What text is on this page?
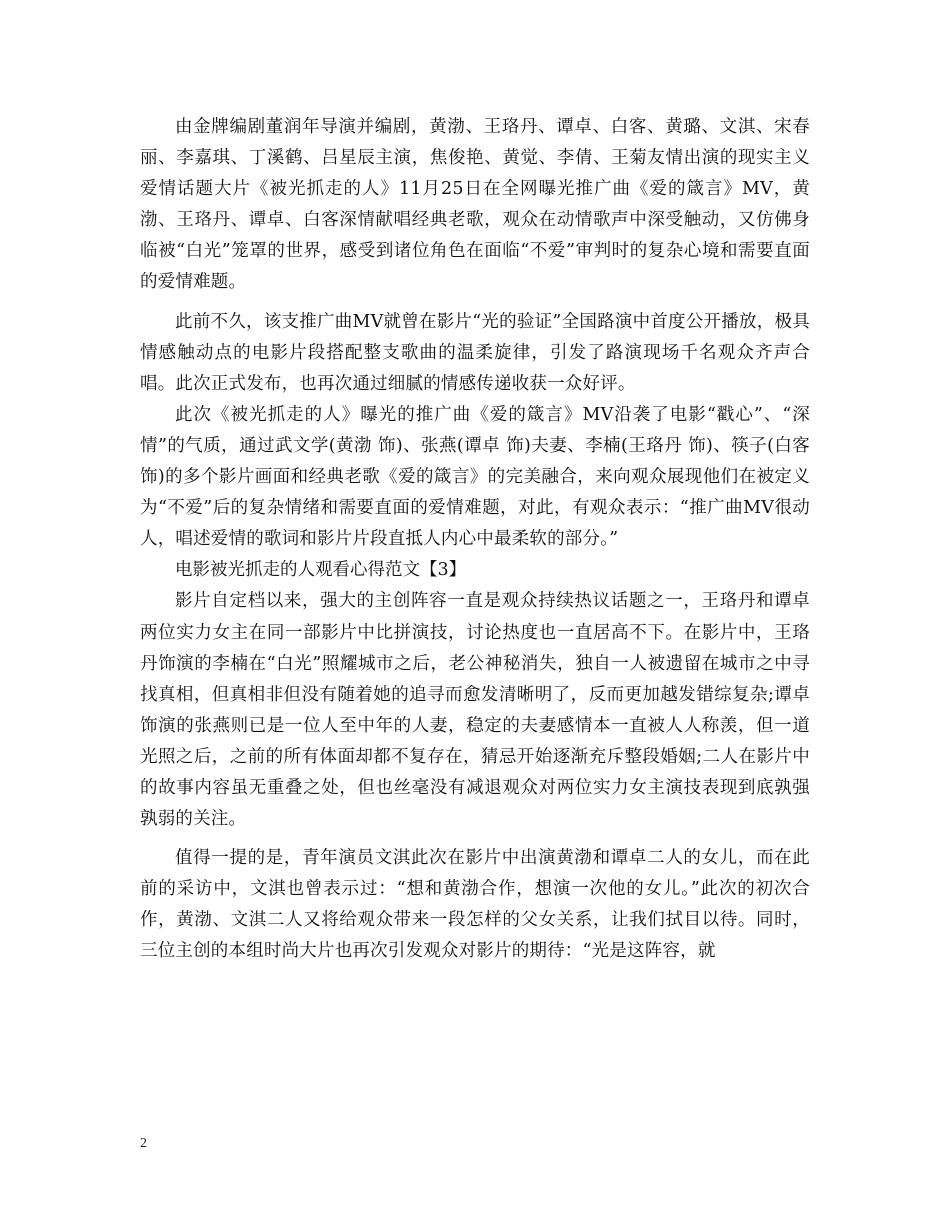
由金牌编剧董润年导演并编剧，黄渤、王珞丹、谭卓、白客、黄璐、文淇、宋春丽、李嘉琪、丁溪鹤、吕星辰主演，焦俊艳、黄觉、李倩、王菊友情出演的现实主义爱情话题大片《被光抓走的人》11月25日在全网曝光推广曲《爱的箴言》MV，黄渤、王珞丹、谭卓、白客深情献唱经典老歌，观众在动情歌声中深受触动，又仿佛身临被“白光”笼罩的世界，感受到诸位角色在面临“不爱”审判时的复杂心境和需要直面的爱情难题。

此前不久，该支推广曲MV就曾在影片“光的验证”全国路演中首度公开播放，极具情感触动点的电影片段搭配整支歌曲的温柔旋律，引发了路演现场千名观众齐声合唱。此次正式发布，也再次通过细腻的情感传递收获一众好评。

此次《被光抓走的人》曝光的推广曲《爱的箴言》MV沿袭了电影“戳心”、“深情”的气质，通过武文学(黄渤 饰)、张燕(谭卓 饰)夫妻、李楠(王珞丹 饰)、筷子(白客 饰)的多个影片画面和经典老歌《爱的箴言》的完美融合，来向观众展现他们在被定义为“不爱”后的复杂情绪和需要直面的爱情难题，对此，有观众表示：“推广曲MV很动人，唱述爱情的歌词和影片片段直抵人内心中最柔软的部分。”

电影被光抓走的人观看心得范文【3】

影片自定档以来，强大的主创阵容一直是观众持续热议话题之一，王珞丹和谭卓两位实力女主在同一部影片中比拼演技，讨论热度也一直居高不下。在影片中，王珞丹饰演的李楠在“白光”照耀城市之后，老公神秘消失，独自一人被遗留在城市之中寻找真相，但真相非但没有随着她的追寻而愈发清晰明了，反而更加越发错综复杂;谭卓饰演的张燕则已是一位人至中年的人妻，稳定的夫妻感情本一直被人人称羡，但一道光照之后，之前的所有体面却都不复存在，猜忌开始逐渐充斥整段婚姻;二人在影片中的故事内容虽无重叠之处，但也丝毫没有减退观众对两位实力女主演技表现到底孰强孰弱的关注。

值得一提的是，青年演员文淇此次在影片中出演黄渤和谭卓二人的女儿，而在此前的采访中，文淇也曾表示过：“想和黄渤合作，想演一次他的女儿。”此次的初次合作，黄渤、文淇二人又将给观众带来一段怎样的父女关系，让我们拭目以待。同时，三位主创的本组时尚大片也再次引发观众对影片的期待：“光是这阵容，就

2
